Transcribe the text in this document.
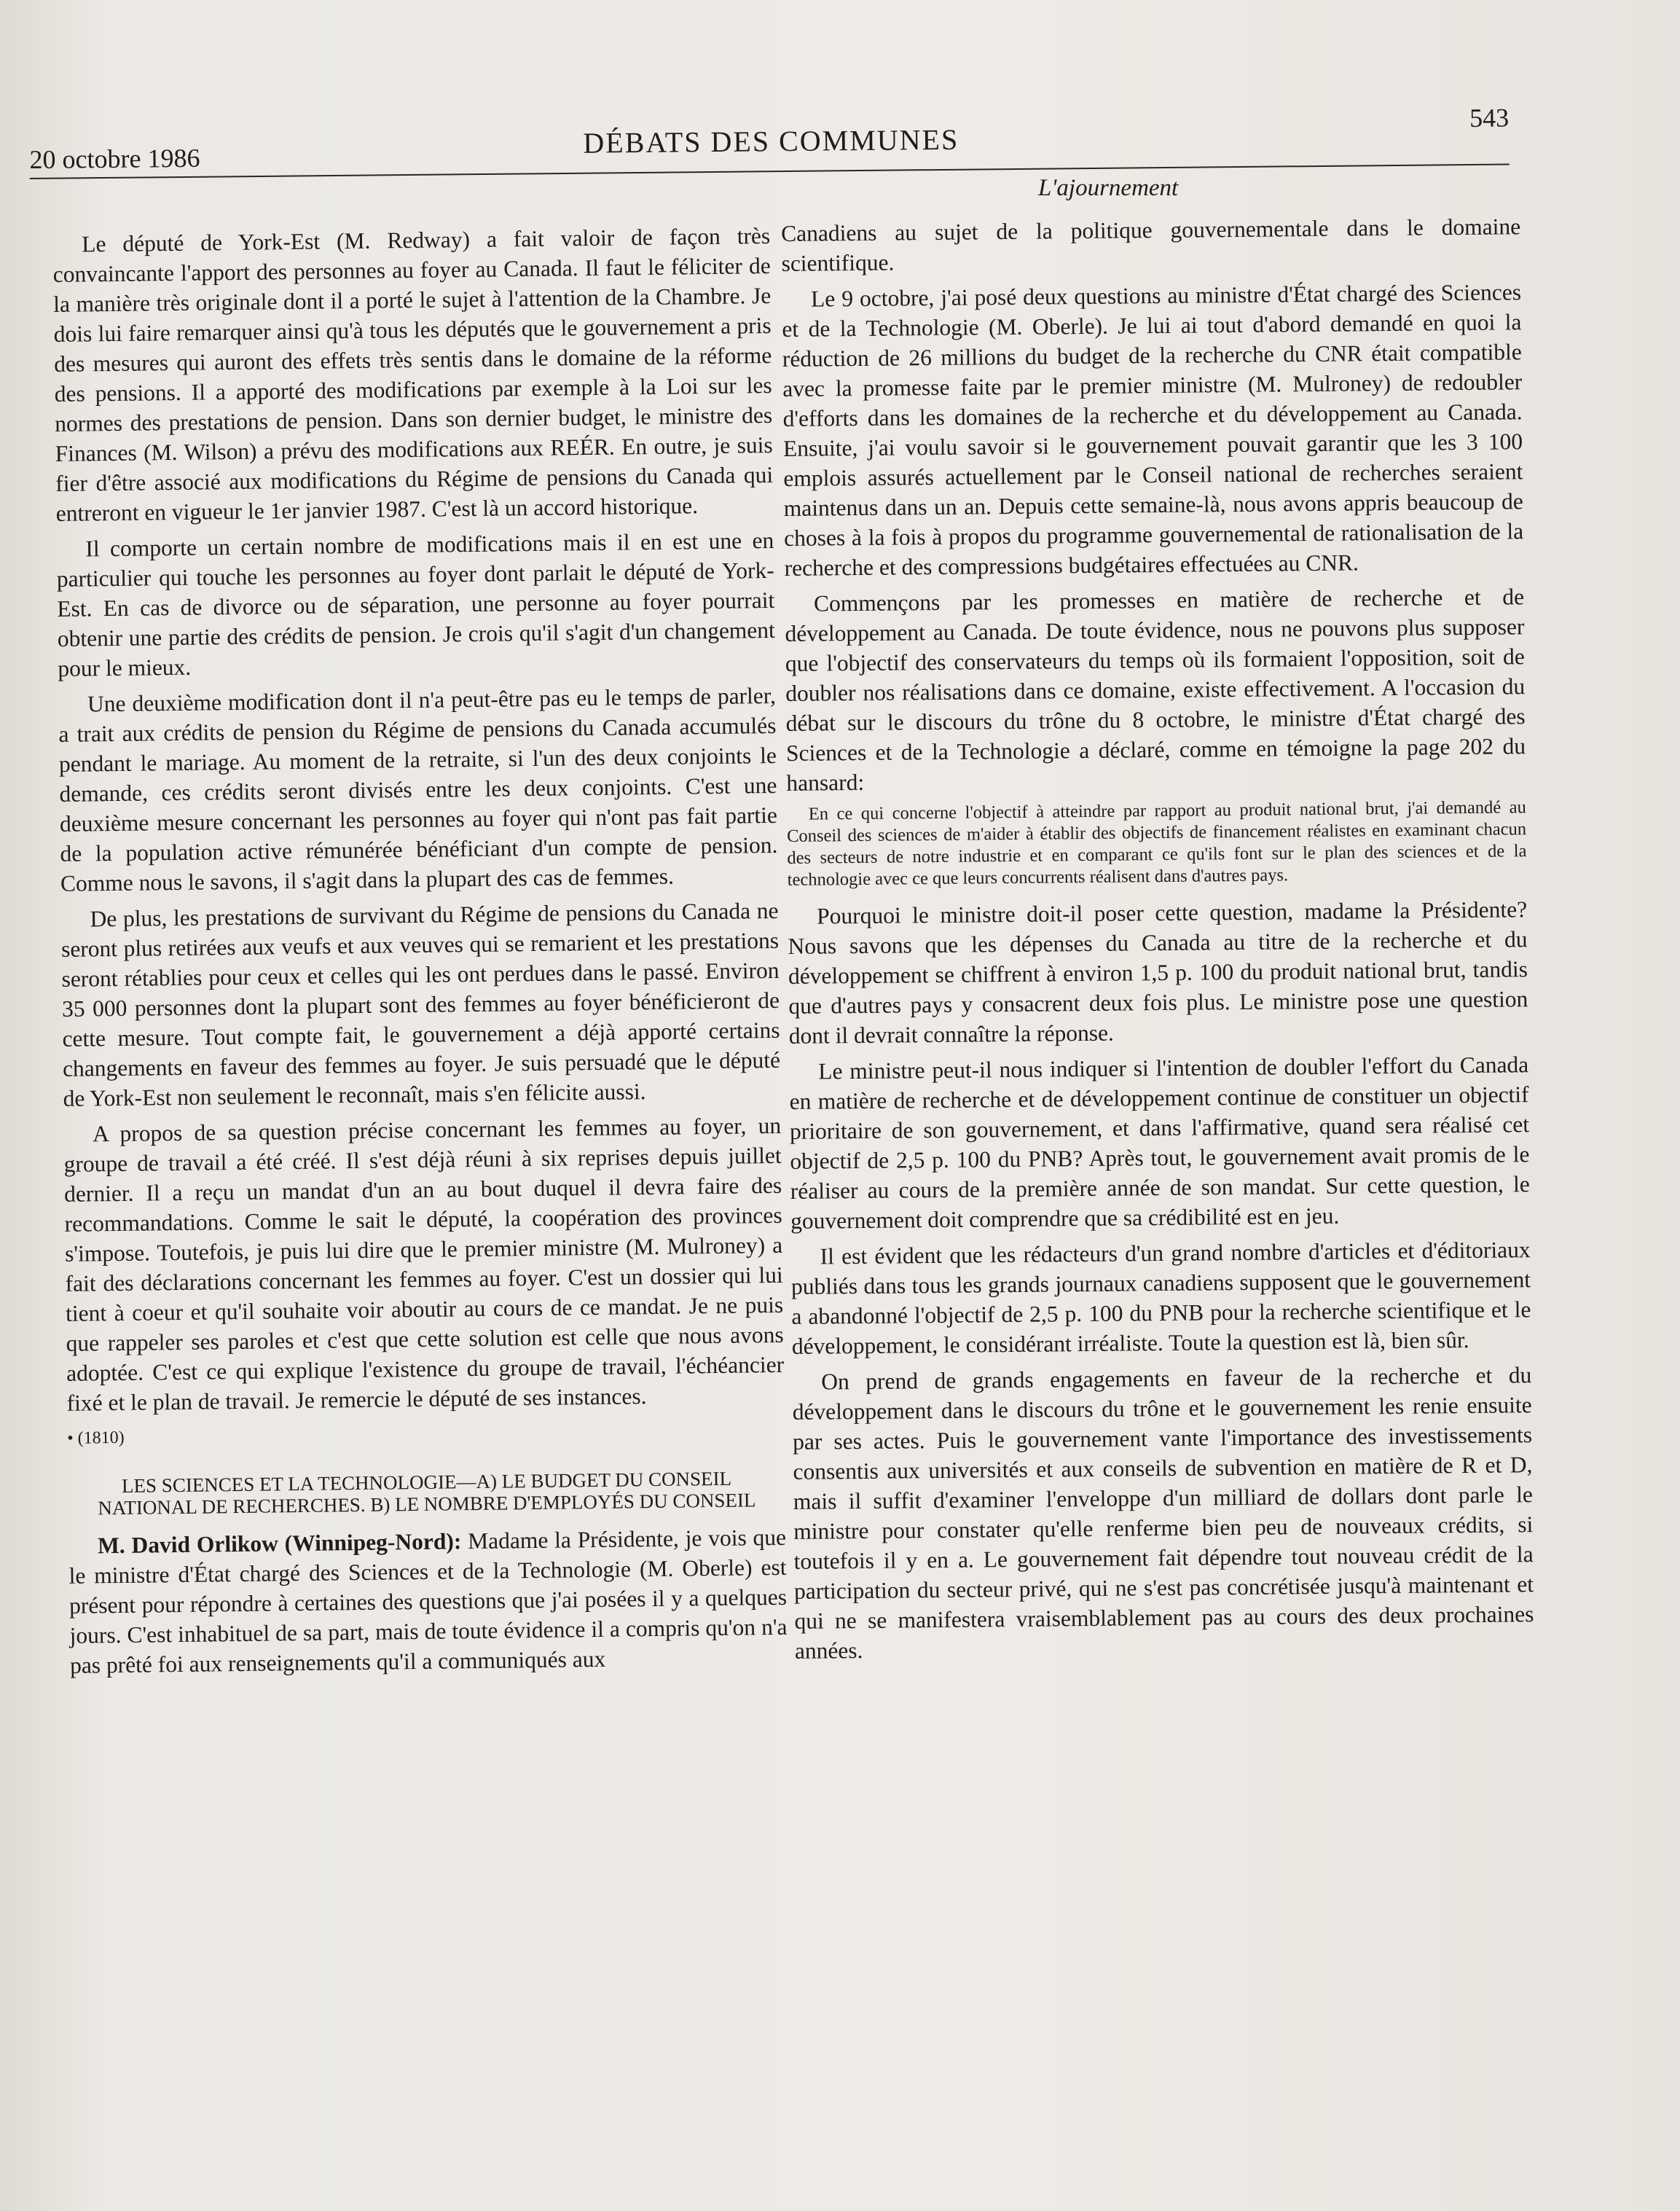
20 octobre 1986	DÉBATS DES COMMUNES
543
L'ajournement

Le député de York-Est (M. Redway) a fait valoir de façon très convaincante l'apport des personnes au foyer au Canada. Il faut le féliciter de la manière très originale dont il a porté le sujet à l'attention de la Chambre. Je dois lui faire remarquer ainsi qu'à tous les députés que le gouvernement a pris des mesures qui auront des effets très sentis dans le domaine de la réforme des pensions. Il a apporté des modifications par exemple à la Loi sur les normes des prestations de pension. Dans son dernier budget, le ministre des Finances (M. Wilson) a prévu des modifications aux REÉR. En outre, je suis fier d'être associé aux modifications du Régime de pensions du Canada qui entreront en vigueur le 1er janvier 1987. C'est là un accord historique.

Il comporte un certain nombre de modifications mais il en est une en particulier qui touche les personnes au foyer dont parlait le député de York-Est. En cas de divorce ou de séparation, une personne au foyer pourrait obtenir une partie des crédits de pension. Je crois qu'il s'agit d'un changement pour le mieux.

Une deuxième modification dont il n'a peut-être pas eu le temps de parler, a trait aux crédits de pension du Régime de pensions du Canada accumulés pendant le mariage. Au moment de la retraite, si l'un des deux conjoints le demande, ces crédits seront divisés entre les deux conjoints. C'est une deuxième mesure concernant les personnes au foyer qui n'ont pas fait partie de la population active rémunérée bénéficiant d'un compte de pension. Comme nous le savons, il s'agit dans la plupart des cas de femmes.

De plus, les prestations de survivant du Régime de pensions du Canada ne seront plus retirées aux veufs et aux veuves qui se remarient et les prestations seront rétablies pour ceux et celles qui les ont perdues dans le passé. Environ 35 000 personnes dont la plupart sont des femmes au foyer bénéficieront de cette mesure. Tout compte fait, le gouvernement a déjà apporté certains changements en faveur des femmes au foyer. Je suis persuadé que le député de York-Est non seulement le reconnaît, mais s'en félicite aussi.

A propos de sa question précise concernant les femmes au foyer, un groupe de travail a été créé. Il s'est déjà réuni à six reprises depuis juillet dernier. Il a reçu un mandat d'un an au bout duquel il devra faire des recommandations. Comme le sait le député, la coopération des provinces s'impose. Toutefois, je puis lui dire que le premier ministre (M. Mulroney) a fait des déclarations concernant les femmes au foyer. C'est un dossier qui lui tient à coeur et qu'il souhaite voir aboutir au cours de ce mandat. Je ne puis que rappeler ses paroles et c'est que cette solution est celle que nous avons adoptée. C'est ce qui explique l'existence du groupe de travail, l'échéancier fixé et le plan de travail. Je remercie le député de ses instances.

• (1810)

LES SCIENCES ET LA TECHNOLOGIE—A) LE BUDGET DU CONSEIL NATIONAL DE RECHERCHES. B) LE NOMBRE D'EMPLOYÉS DU CONSEIL

M. David Orlikow (Winnipeg-Nord): Madame la Présidente, je vois que le ministre d'État chargé des Sciences et de la Technologie (M. Oberle) est présent pour répondre à certaines des questions que j'ai posées il y a quelques jours. C'est inhabituel de sa part, mais de toute évidence il a compris qu'on n'a pas prêté foi aux renseignements qu'il a communiqués aux

Canadiens au sujet de la politique gouvernementale dans le domaine scientifique.

Le 9 octobre, j'ai posé deux questions au ministre d'État chargé des Sciences et de la Technologie (M. Oberle). Je lui ai tout d'abord demandé en quoi la réduction de 26 millions du budget de la recherche du CNR était compatible avec la promesse faite par le premier ministre (M. Mulroney) de redoubler d'efforts dans les domaines de la recherche et du développement au Canada. Ensuite, j'ai voulu savoir si le gouvernement pouvait garantir que les 3 100 emplois assurés actuellement par le Conseil national de recherches seraient maintenus dans un an. Depuis cette semaine-là, nous avons appris beaucoup de choses à la fois à propos du programme gouvernemental de rationalisation de la recherche et des compressions budgétaires effectuées au CNR.

Commençons par les promesses en matière de recherche et de développement au Canada. De toute évidence, nous ne pouvons plus supposer que l'objectif des conservateurs du temps où ils formaient l'opposition, soit de doubler nos réalisations dans ce domaine, existe effectivement. A l'occasion du débat sur le discours du trône du 8 octobre, le ministre d'État chargé des Sciences et de la Technologie a déclaré, comme en témoigne la page 202 du hansard:

En ce qui concerne l'objectif à atteindre par rapport au produit national brut, j'ai demandé au Conseil des sciences de m'aider à établir des objectifs de financement réalistes en examinant chacun des secteurs de notre industrie et en comparant ce qu'ils font sur le plan des sciences et de la technologie avec ce que leurs concurrents réalisent dans d'autres pays.

Pourquoi le ministre doit-il poser cette question, madame la Présidente? Nous savons que les dépenses du Canada au titre de la recherche et du développement se chiffrent à environ 1,5 p. 100 du produit national brut, tandis que d'autres pays y consacrent deux fois plus. Le ministre pose une question dont il devrait connaître la réponse.

Le ministre peut-il nous indiquer si l'intention de doubler l'effort du Canada en matière de recherche et de développement continue de constituer un objectif prioritaire de son gouvernement, et dans l'affirmative, quand sera réalisé cet objectif de 2,5 p. 100 du PNB? Après tout, le gouvernement avait promis de le réaliser au cours de la première année de son mandat. Sur cette question, le gouvernement doit comprendre que sa crédibilité est en jeu.

Il est évident que les rédacteurs d'un grand nombre d'articles et d'éditoriaux publiés dans tous les grands journaux canadiens supposent que le gouvernement a abandonné l'objectif de 2,5 p. 100 du PNB pour la recherche scientifique et le développement, le considérant irréaliste. Toute la question est là, bien sûr.

On prend de grands engagements en faveur de la recherche et du développement dans le discours du trône et le gouvernement les renie ensuite par ses actes. Puis le gouvernement vante l'importance des investissements consentis aux universités et aux conseils de subvention en matière de R et D, mais il suffit d'examiner l'enveloppe d'un milliard de dollars dont parle le ministre pour constater qu'elle renferme bien peu de nouveaux crédits, si toutefois il y en a. Le gouvernement fait dépendre tout nouveau crédit de la participation du secteur privé, qui ne s'est pas concrétisée jusqu'à maintenant et qui ne se manifestera vraisemblablement pas au cours des deux prochaines années.
